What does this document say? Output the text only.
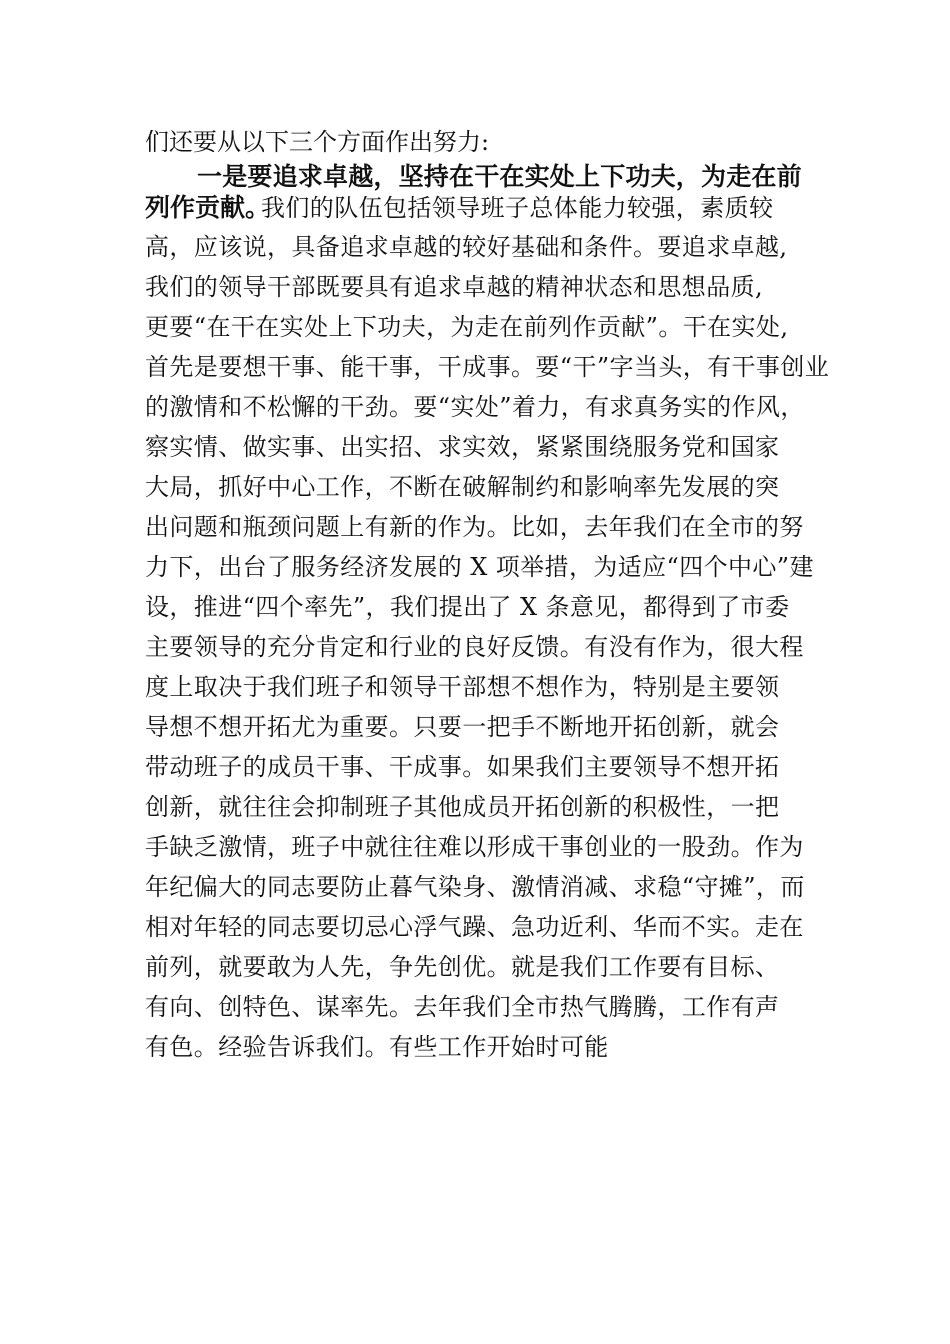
们还要从以下三个方面作出努力:
一是要追求卓越，坚持在干在实处上下功夫，为走在前
列作贡献。
我们的队伍包括领导班子总体能力较强，素质较
高，应该说，具备追求卓越的较好基础和条件。要追求卓越,
我们的领导干部既要具有追求卓越的精神状态和思想品质,
更要“在干在实处上下功夫，为走在前列作贡献”。干在实处,
首先是要想干事、能干事，干成事。要“干”字当头，有干事创业
的激情和不松懈的干劲。要“实处”着力，有求真务实的作风，
察实情、做实事、出实招、求实效，紧紧围绕服务党和国家
大局，抓好中心工作，不断在破解制约和影响率先发展的突
出问题和瓶颈问题上有新的作为。比如，去年我们在全市的努
力下，出台了服务经济发展的 X 项举措，为适应“四个中心”建
设，推进“四个率先”，我们提出了 X 条意见，都得到了市委
主要领导的充分肯定和行业的良好反馈。有没有作为，很大程
度上取决于我们班子和领导干部想不想作为，特别是主要领
导想不想开拓尤为重要。只要一把手不断地开拓创新，就会
带动班子的成员干事、干成事。如果我们主要领导不想开拓
创新，就往往会抑制班子其他成员开拓创新的积极性，一把
手缺乏激情，班子中就往往难以形成干事创业的一股劲。作为
年纪偏大的同志要防止暮气染身、激情消减、求稳“守摊”，而
相对年轻的同志要切忌心浮气躁、急功近利、华而不实。走在
前列，就要敢为人先，争先创优。就是我们工作要有目标、
有向、创特色、谋率先。去年我们全市热气腾腾，工作有声
有色。经验告诉我们。有些工作开始时可能
